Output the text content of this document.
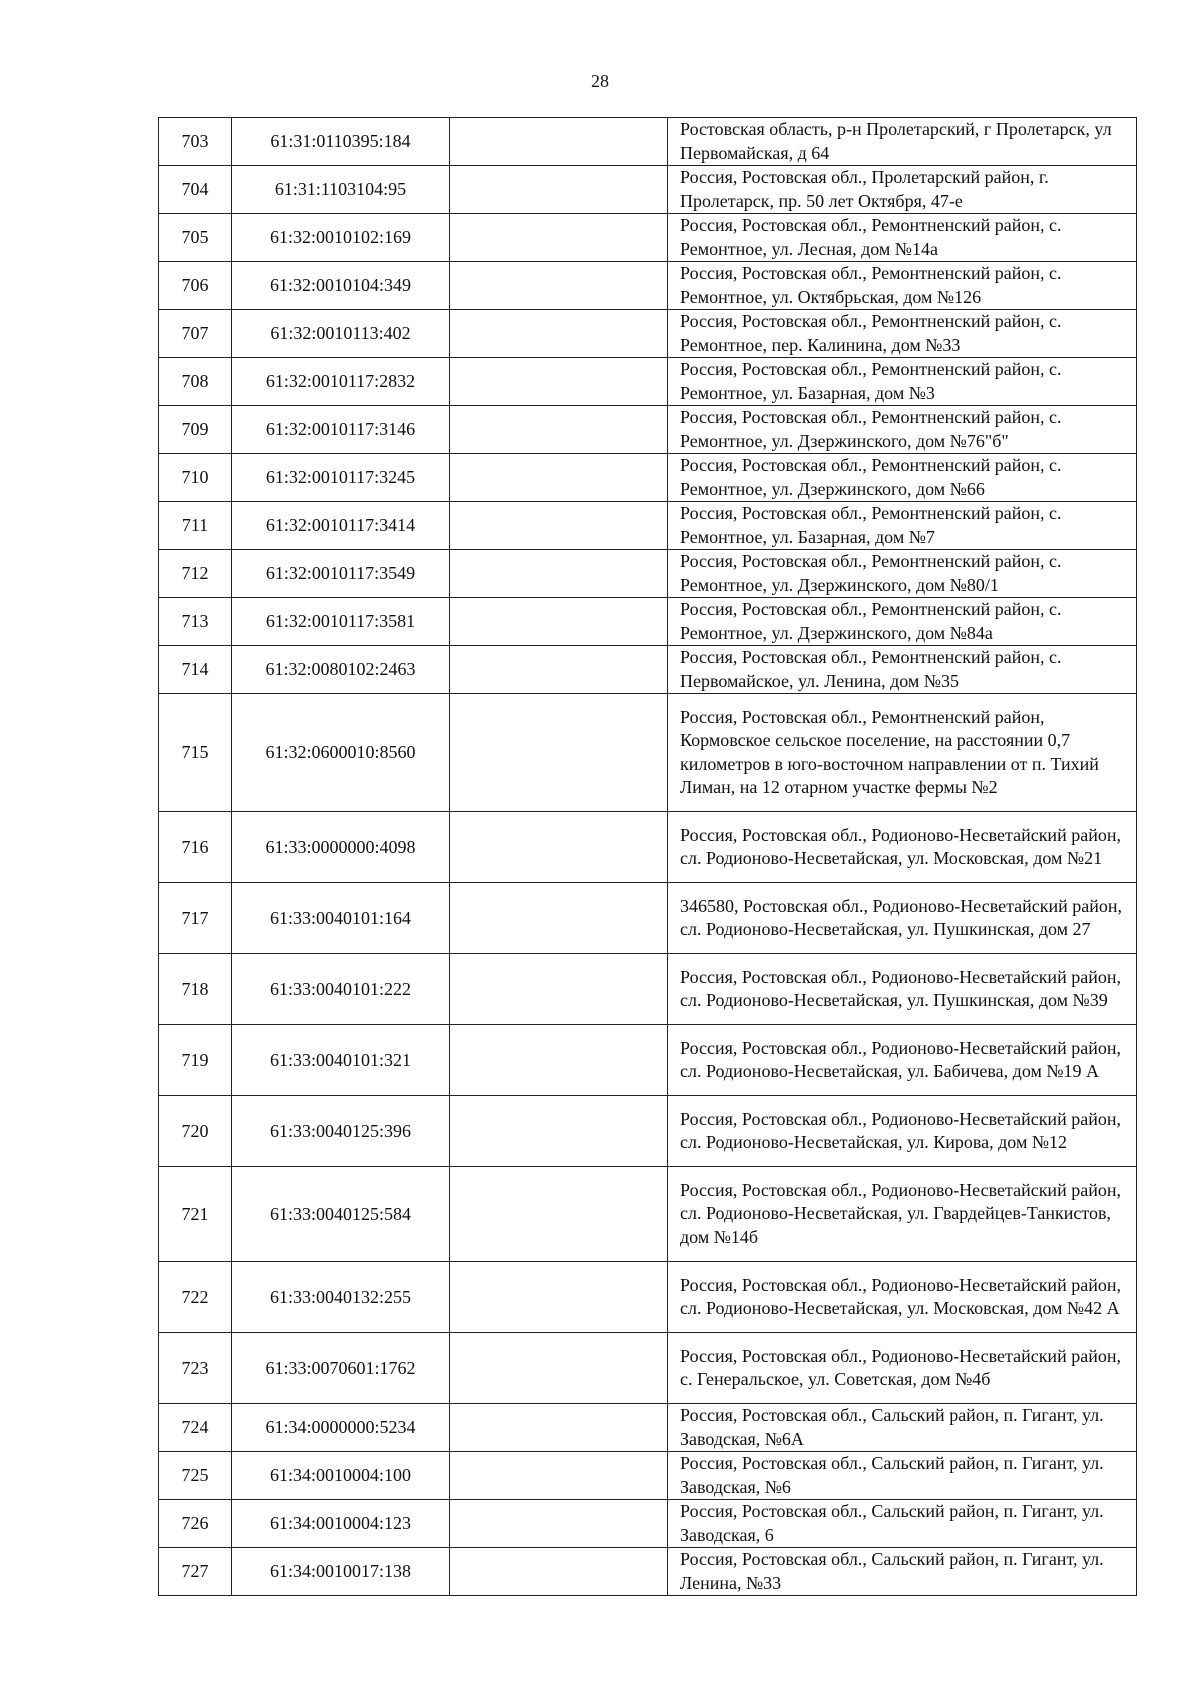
28
703	61:31:0110395:184		Ростовская область, р-н Пролетарский, г Пролетарск, ул Первомайская, д 64

704	61:31:1103104:95		Россия, Ростовская обл., Пролетарский район, г. Пролетарск, пр. 50 лет Октября, 47-е

705	61:32:0010102:169		Россия, Ростовская обл., Ремонтненский район, с. Ремонтное, ул. Лесная, дом №14а

706	61:32:0010104:349		Россия, Ростовская обл., Ремонтненский район, с. Ремонтное, ул. Октябрьская, дом №126

707	61:32:0010113:402		Россия, Ростовская обл., Ремонтненский район, с. Ремонтное, пер. Калинина, дом №33

708	61:32:0010117:2832		Россия, Ростовская обл., Ремонтненский район, с. Ремонтное, ул. Базарная, дом №3

709	61:32:0010117:3146		Россия, Ростовская обл., Ремонтненский район, с. Ремонтное, ул. Дзержинского, дом №76"б"

710	61:32:0010117:3245		Россия, Ростовская обл., Ремонтненский район, с. Ремонтное, ул. Дзержинского, дом №66

711	61:32:0010117:3414		Россия, Ростовская обл., Ремонтненский район, с. Ремонтное, ул. Базарная, дом №7

712	61:32:0010117:3549		Россия, Ростовская обл., Ремонтненский район, с. Ремонтное, ул. Дзержинского, дом №80/1

713	61:32:0010117:3581		Россия, Ростовская обл., Ремонтненский район, с. Ремонтное, ул. Дзержинского, дом №84а

714	61:32:0080102:2463		Россия, Ростовская обл., Ремонтненский район, с. Первомайское, ул. Ленина, дом №35

715	61:32:0600010:8560		Россия, Ростовская обл., Ремонтненский район, Кормовское сельское поселение, на расстоянии 0,7 километров в юго-восточном направлении от п. Тихий Лиман, на 12 отарном участке фермы №2

716	61:33:0000000:4098		Россия, Ростовская обл., Родионово-Несветайский район, сл. Родионово-Несветайская, ул. Московская, дом №21

717	61:33:0040101:164		346580, Ростовская обл., Родионово-Несветайский район, сл. Родионово-Несветайская, ул. Пушкинская, дом 27

718	61:33:0040101:222		Россия, Ростовская обл., Родионово-Несветайский район, сл. Родионово-Несветайская, ул. Пушкинская, дом №39

719	61:33:0040101:321		Россия, Ростовская обл., Родионово-Несветайский район, сл. Родионово-Несветайская, ул. Бабичева, дом №19 А

720	61:33:0040125:396		Россия, Ростовская обл., Родионово-Несветайский район, сл. Родионово-Несветайская, ул. Кирова, дом №12

721	61:33:0040125:584		Россия, Ростовская обл., Родионово-Несветайский район, сл. Родионово-Несветайская, ул. Гвардейцев-Танкистов, дом №14б

722	61:33:0040132:255		Россия, Ростовская обл., Родионово-Несветайский район, сл. Родионово-Несветайская, ул. Московская, дом №42 А

723	61:33:0070601:1762		Россия, Ростовская обл., Родионово-Несветайский район, с. Генеральское, ул. Советская, дом №4б

724	61:34:0000000:5234		Россия, Ростовская обл., Сальский район, п. Гигант, ул. Заводская, №6А

725	61:34:0010004:100		Россия, Ростовская обл., Сальский район, п. Гигант, ул. Заводская, №6

726	61:34:0010004:123		Россия, Ростовская обл., Сальский район, п. Гигант, ул. Заводская, 6

727	61:34:0010017:138		Россия, Ростовская обл., Сальский район, п. Гигант, ул. Ленина, №33
